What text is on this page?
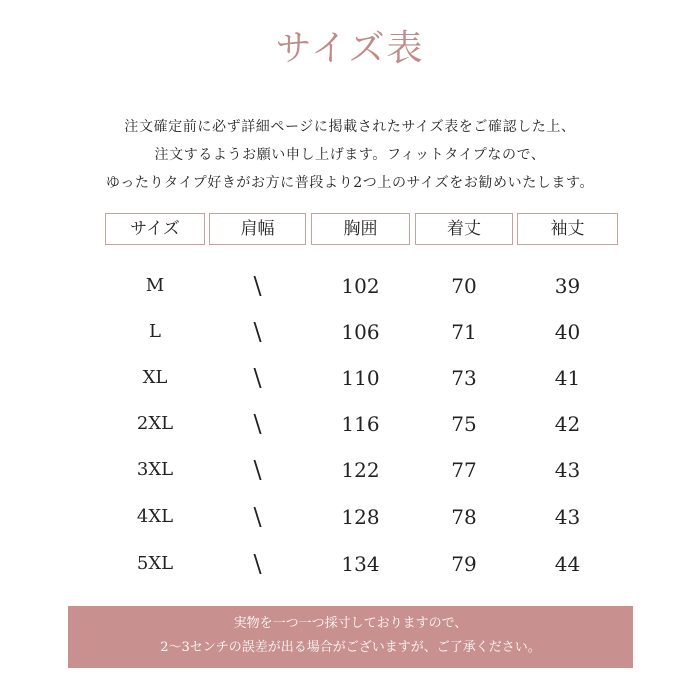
サイズ表
注文確定前に必ず詳細ページに掲載されたサイズ表をご確認した上、
注文するようお願い申し上げます。フィットタイプなので、
ゆったりタイプ好きがお方に普段より2つ上のサイズをお勧めいたします。
サイズ	肩幅	胸囲	着丈	袖丈
M	\	102	70	39
L	\	106	71	40
XL	\	110	73	41
2XL	\	116	75	42
3XL	\	122	77	43
4XL	\	128	78	43
5XL	\	134	79	44
実物を一つ一つ採寸しておりますので、
2～3センチの誤差が出る場合がございますが、ご了承ください。
